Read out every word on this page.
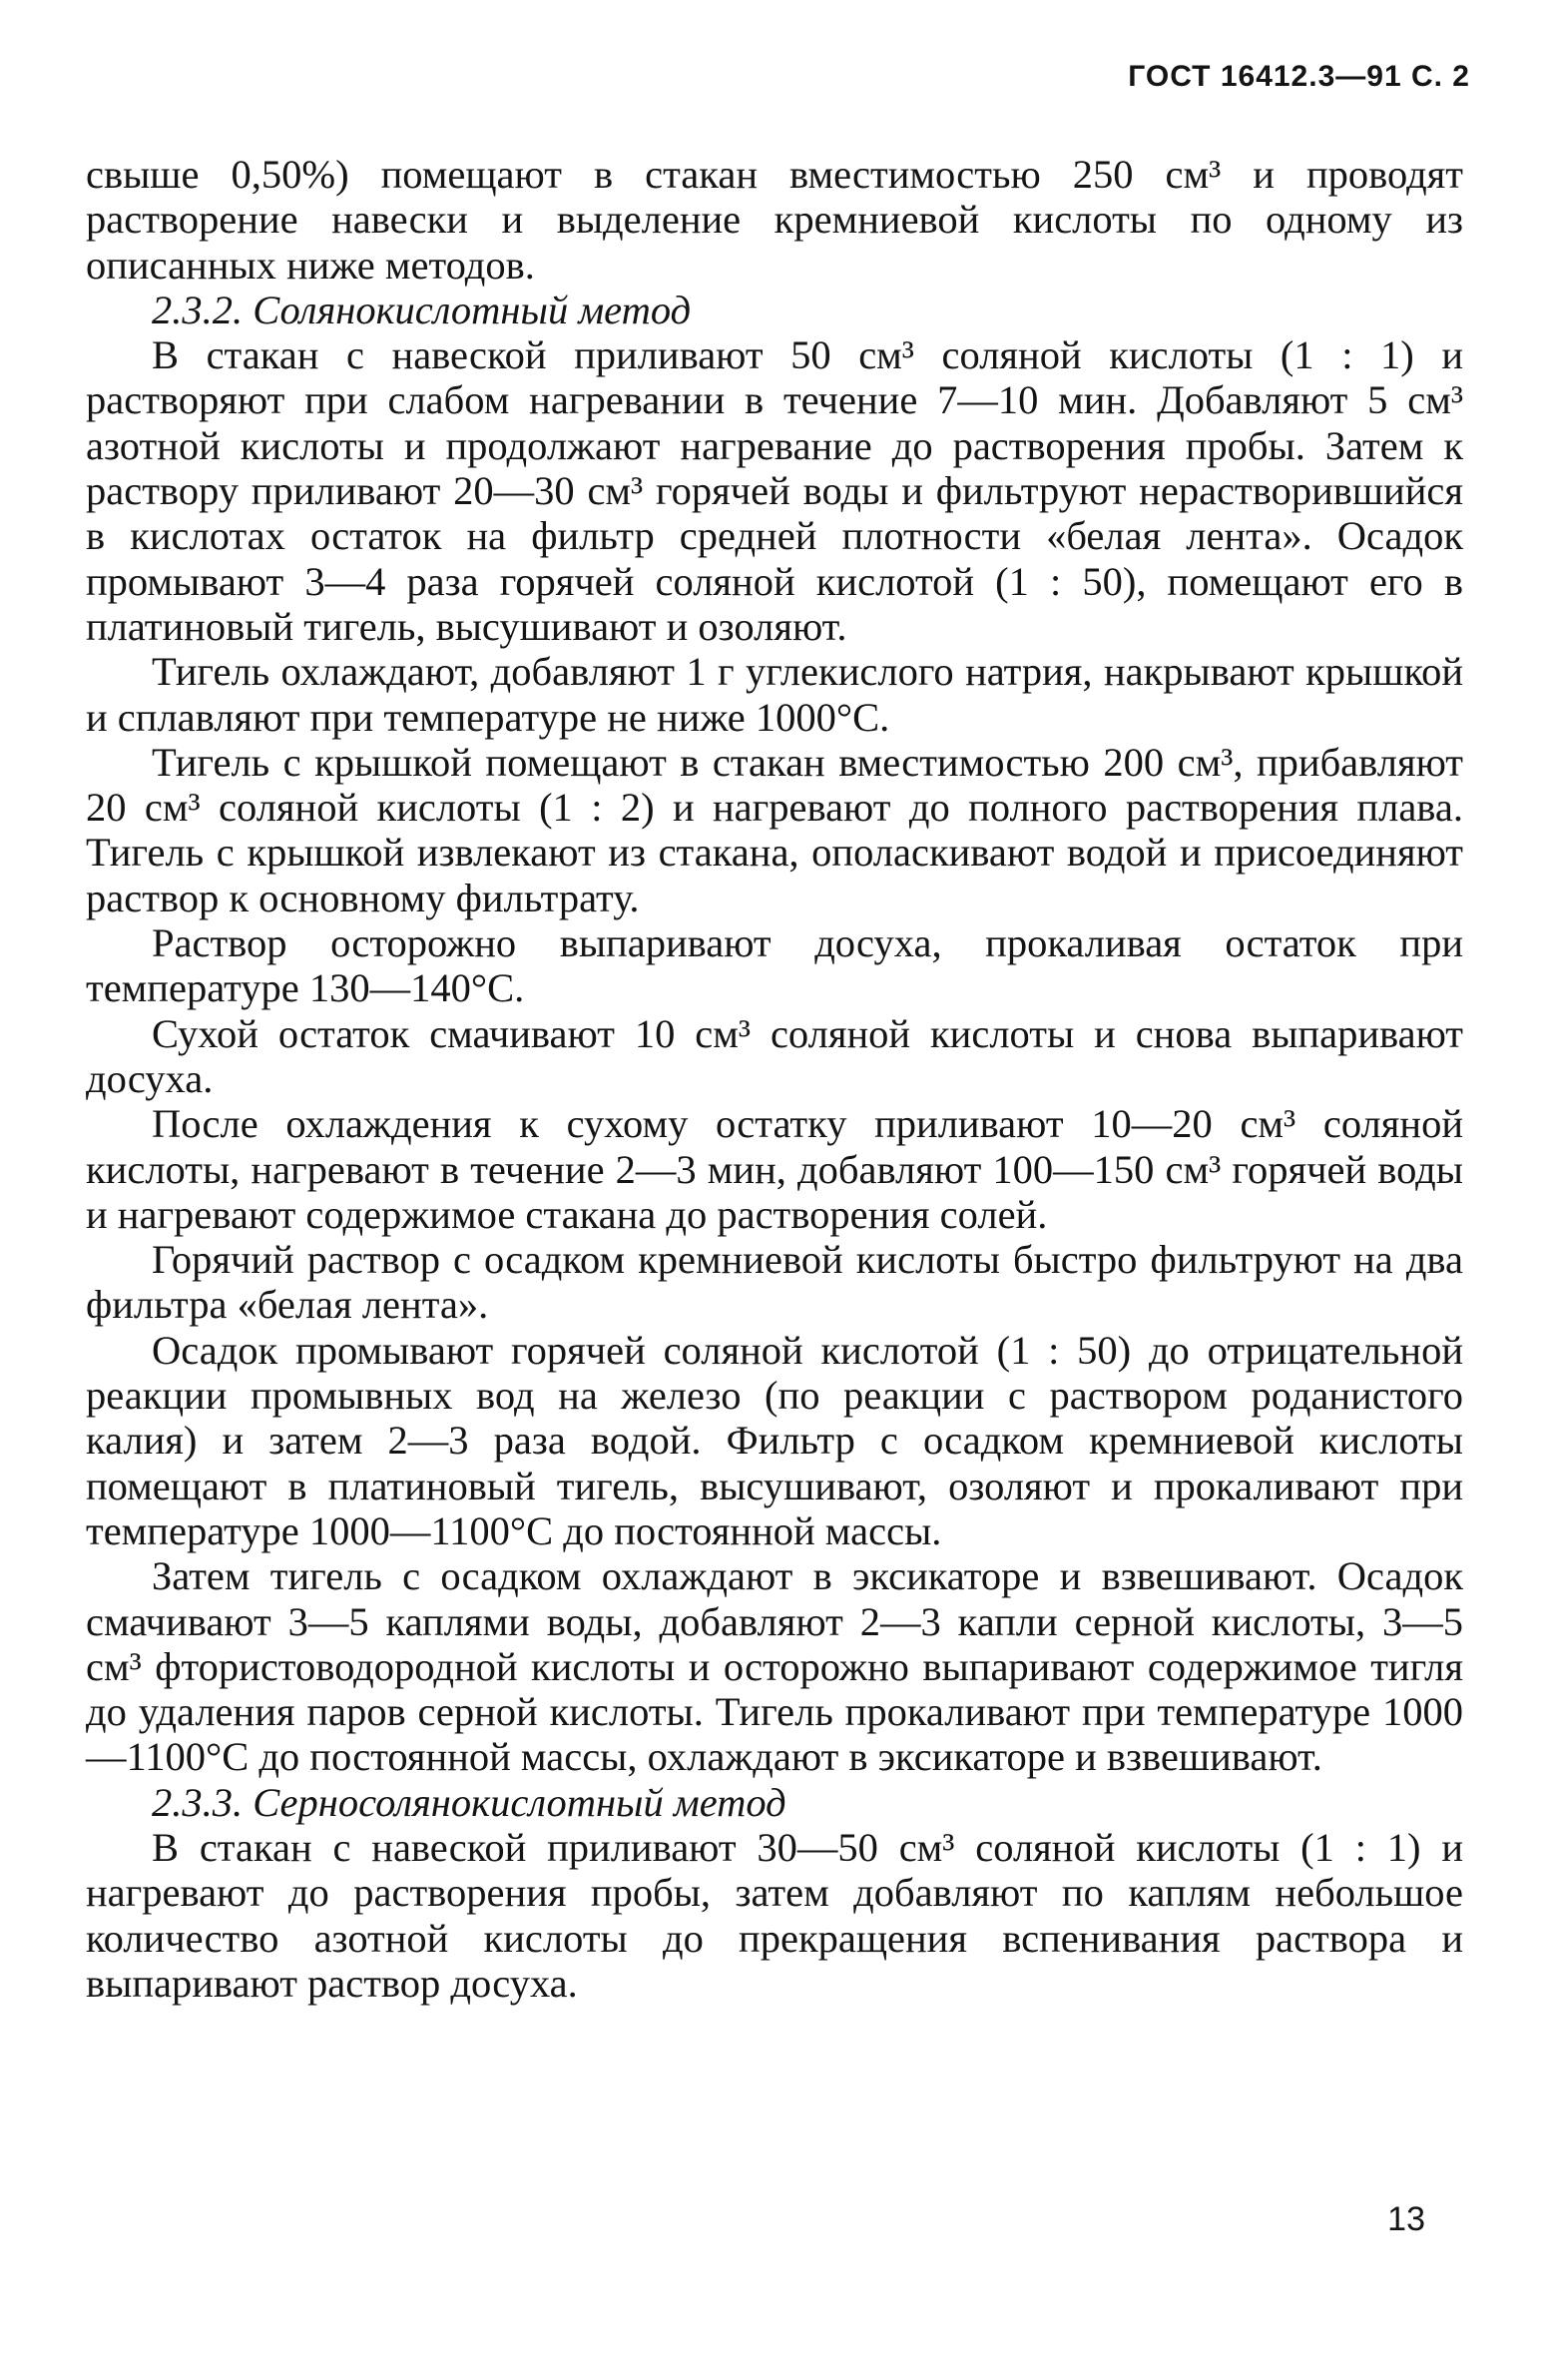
ГОСТ 16412.3—91 С. 2

свыше 0,50%) помещают в стакан вместимостью 250 см³ и проводят растворение навески и выделение кремниевой кислоты по одному из описанных ниже методов.

2.3.2. Солянокислотный метод

В стакан с навеской приливают 50 см³ соляной кислоты (1 : 1) и растворяют при слабом нагревании в течение 7—10 мин. Добавляют 5 см³ азотной кислоты и продолжают нагревание до растворения пробы. Затем к раствору приливают 20—30 см³ горячей воды и фильтруют нерастворившийся в кислотах остаток на фильтр средней плотности «белая лента». Осадок промывают 3—4 раза горячей соляной кислотой (1 : 50), помещают его в платиновый тигель, высушивают и озоляют.

Тигель охлаждают, добавляют 1 г углекислого натрия, накрывают крышкой и сплавляют при температуре не ниже 1000°С.

Тигель с крышкой помещают в стакан вместимостью 200 см³, прибавляют 20 см³ соляной кислоты (1 : 2) и нагревают до полного растворения плава. Тигель с крышкой извлекают из стакана, ополаскивают водой и присоединяют раствор к основному фильтрату.

Раствор осторожно выпаривают досуха, прокаливая остаток при температуре 130—140°С.

Сухой остаток смачивают 10 см³ соляной кислоты и снова выпаривают досуха.

После охлаждения к сухому остатку приливают 10—20 см³ соляной кислоты, нагревают в течение 2—3 мин, добавляют 100—150 см³ горячей воды и нагревают содержимое стакана до растворения солей.

Горячий раствор с осадком кремниевой кислоты быстро фильтруют на два фильтра «белая лента».

Осадок промывают горячей соляной кислотой (1 : 50) до отрицательной реакции промывных вод на железо (по реакции с раствором роданистого калия) и затем 2—3 раза водой. Фильтр с осадком кремниевой кислоты помещают в платиновый тигель, высушивают, озоляют и прокаливают при температуре 1000—1100°С до постоянной массы.

Затем тигель с осадком охлаждают в эксикаторе и взвешивают. Осадок смачивают 3—5 каплями воды, добавляют 2—3 капли серной кислоты, 3—5 см³ фтористоводородной кислоты и осторожно выпаривают содержимое тигля до удаления паров серной кислоты. Тигель прокаливают при температуре 1000—1100°С до постоянной массы, охлаждают в эксикаторе и взвешивают.

2.3.3. Серносолянокислотный метод

В стакан с навеской приливают 30—50 см³ соляной кислоты (1 : 1) и нагревают до растворения пробы, затем добавляют по каплям небольшое количество азотной кислоты до прекращения вспенивания раствора и выпаривают раствор досуха.

13
